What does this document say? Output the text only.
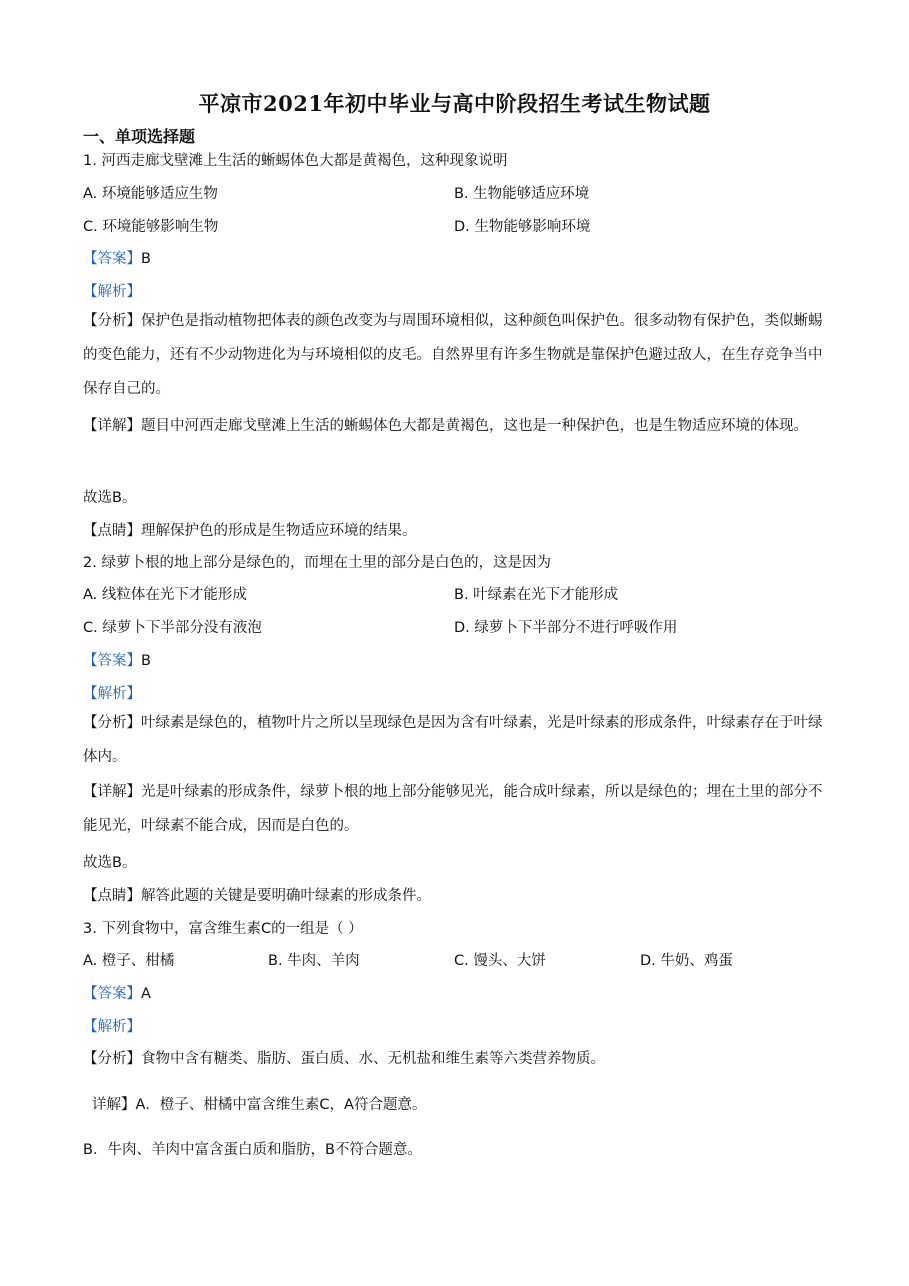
平凉市2021年初中毕业与高中阶段招生考试生物试题
一、单项选择题
1. 河西走廊戈壁滩上生活的蜥蜴体色大都是黄褐色，这种现象说明
A. 环境能够适应生物	B. 生物能够适应环境
C. 环境能够影响生物	D. 生物能够影响环境
【答案】B
【解析】
【分析】保护色是指动植物把体表的颜色改变为与周围环境相似，这种颜色叫保护色。很多动物有保护色，类似蜥蜴的变色能力，还有不少动物进化为与环境相似的皮毛。自然界里有许多生物就是靠保护色避过敌人，在生存竞争当中保存自己的。
【详解】题目中河西走廊戈壁滩上生活的蜥蜴体色大都是黄褐色，这也是一种保护色，也是生物适应环境的体现。
故选B。
【点睛】理解保护色的形成是生物适应环境的结果。
2. 绿萝卜根的地上部分是绿色的，而埋在土里的部分是白色的，这是因为
A. 线粒体在光下才能形成	B. 叶绿素在光下才能形成
C. 绿萝卜下半部分没有液泡	D. 绿萝卜下半部分不进行呼吸作用
【答案】B
【解析】
【分析】叶绿素是绿色的，植物叶片之所以呈现绿色是因为含有叶绿素，光是叶绿素的形成条件，叶绿素存在于叶绿体内。
【详解】光是叶绿素的形成条件，绿萝卜根的地上部分能够见光，能合成叶绿素，所以是绿色的；埋在土里的部分不能见光，叶绿素不能合成，因而是白色的。
故选B。
【点睛】解答此题的关键是要明确叶绿素的形成条件。
3. 下列食物中，富含维生素C的一组是（ ）
A. 橙子、柑橘	B. 牛肉、羊肉	C. 馒头、大饼	D. 牛奶、鸡蛋
【答案】A
【解析】
【分析】食物中含有糖类、脂肪、蛋白质、水、无机盐和维生素等六类营养物质。
详解】A．橙子、柑橘中富含维生素C，A符合题意。
B．牛肉、羊肉中富含蛋白质和脂肪，B不符合题意。
